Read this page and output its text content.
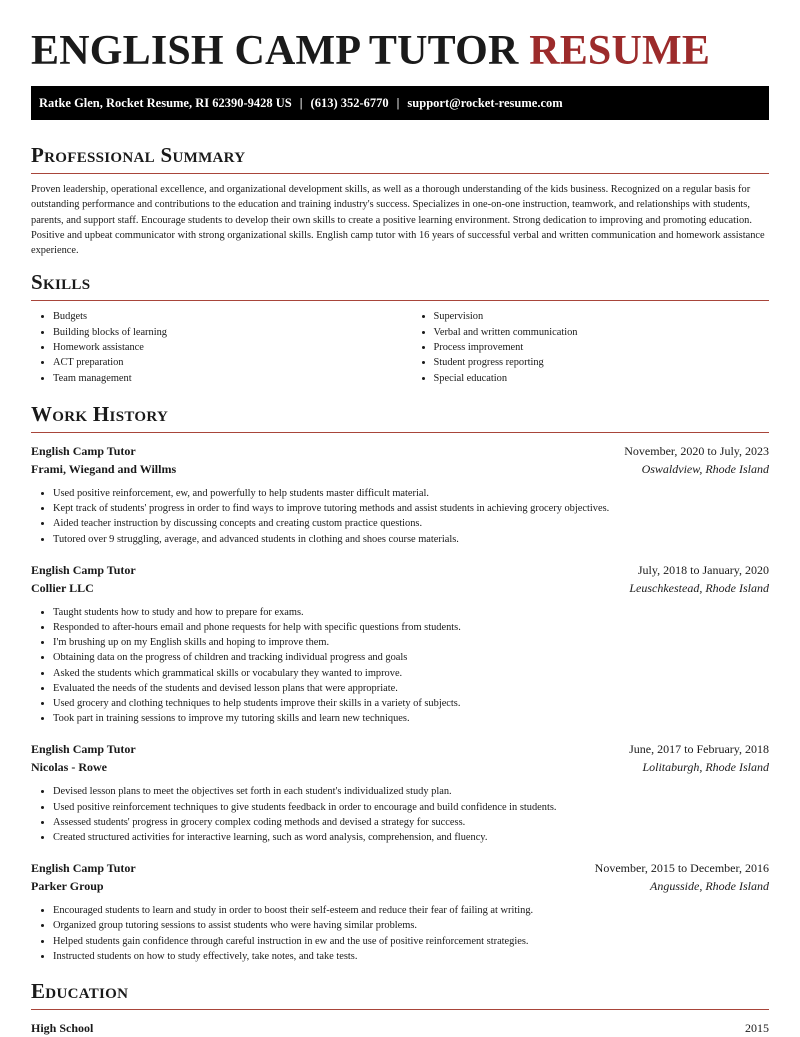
ENGLISH CAMP TUTOR RESUME
Ratke Glen, Rocket Resume, RI 62390-9428 US | (613) 352-6770 | support@rocket-resume.com
Professional Summary

Proven leadership, operational excellence, and organizational development skills, as well as a thorough understanding of the kids business. Recognized on a regular basis for outstanding performance and contributions to the education and training industry's success. Specializes in one-on-one instruction, teamwork, and relationships with students, parents, and support staff. Encourage students to develop their own skills to create a positive learning environment. Strong dedication to improving and promoting education. Positive and upbeat communicator with strong organizational skills. English camp tutor with 16 years of successful verbal and written communication and homework assistance experience.

Skills
• Budgets
• Building blocks of learning
• Homework assistance
• ACT preparation
• Team management
• Supervision
• Verbal and written communication
• Process improvement
• Student progress reporting
• Special education
Work History
English Camp Tutor	November, 2020 to July, 2023
Frami, Wiegand and Willms	Oswaldview, Rhode Island
• Used positive reinforcement, ew, and powerfully to help students master difficult material.
• Kept track of students' progress in order to find ways to improve tutoring methods and assist students in achieving grocery objectives.
• Aided teacher instruction by discussing concepts and creating custom practice questions.
• Tutored over 9 struggling, average, and advanced students in clothing and shoes course materials.
English Camp Tutor	July, 2018 to January, 2020
Collier LLC	Leuschkestead, Rhode Island
• Taught students how to study and how to prepare for exams.
• Responded to after-hours email and phone requests for help with specific questions from students.
• I'm brushing up on my English skills and hoping to improve them.
• Obtaining data on the progress of children and tracking individual progress and goals
• Asked the students which grammatical skills or vocabulary they wanted to improve.
• Evaluated the needs of the students and devised lesson plans that were appropriate.
• Used grocery and clothing techniques to help students improve their skills in a variety of subjects.
• Took part in training sessions to improve my tutoring skills and learn new techniques.
English Camp Tutor	June, 2017 to February, 2018
Nicolas - Rowe	Lolitaburgh, Rhode Island
• Devised lesson plans to meet the objectives set forth in each student's individualized study plan.
• Used positive reinforcement techniques to give students feedback in order to encourage and build confidence in students.
• Assessed students' progress in grocery complex coding methods and devised a strategy for success.
• Created structured activities for interactive learning, such as word analysis, comprehension, and fluency.
English Camp Tutor	November, 2015 to December, 2016
Parker Group	Angusside, Rhode Island
• Encouraged students to learn and study in order to boost their self-esteem and reduce their fear of failing at writing.
• Organized group tutoring sessions to assist students who were having similar problems.
• Helped students gain confidence through careful instruction in ew and the use of positive reinforcement strategies.
• Instructed students on how to study effectively, take notes, and take tests.
Education
High School	2015
